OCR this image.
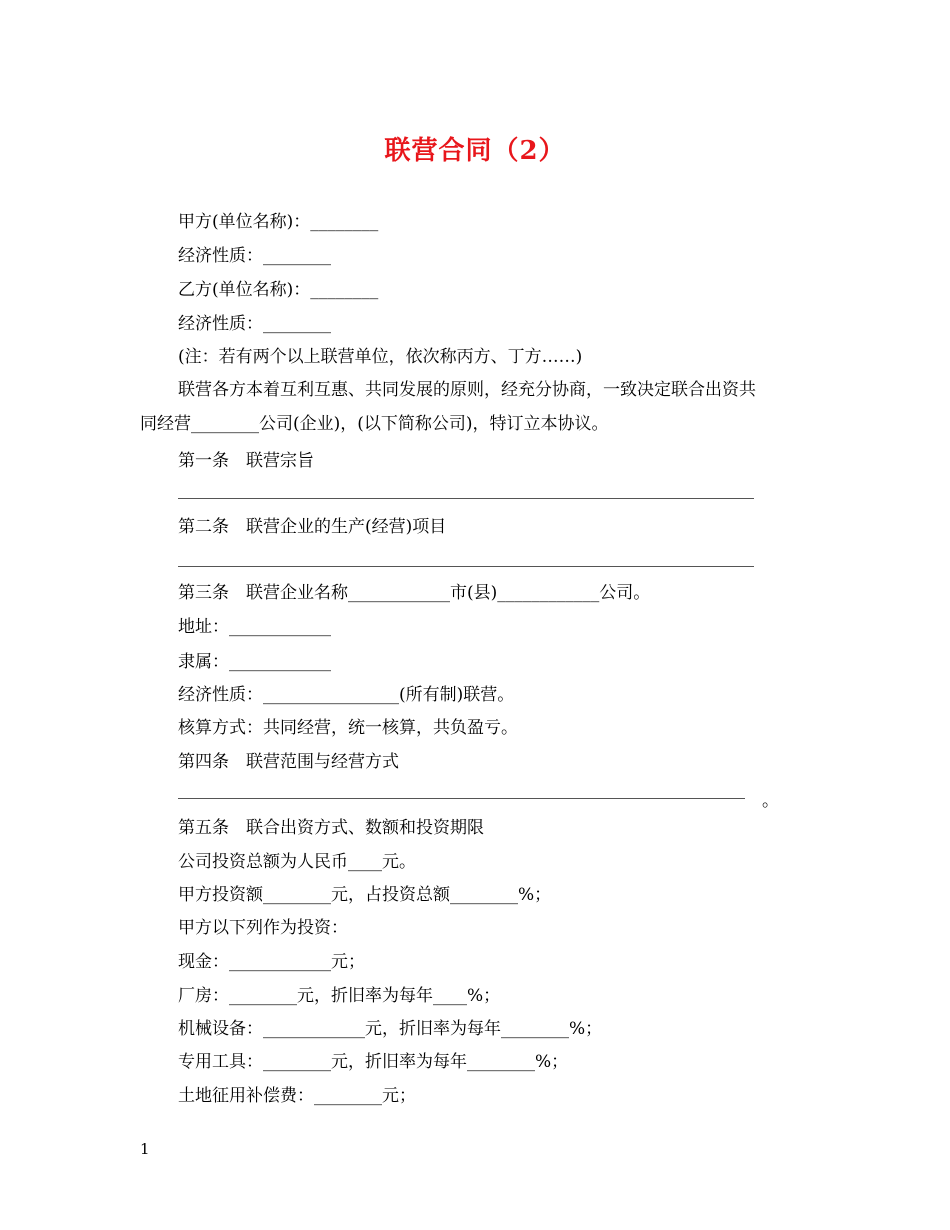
联营合同（2）
甲方(单位名称)：________
经济性质：________
乙方(单位名称)：________
经济性质：________
(注：若有两个以上联营单位，依次称丙方、丁方……)
联营各方本着互利互惠、共同发展的原则，经充分协商，一致决定联合出资共
同经营________公司(企业)，(以下简称公司)，特订立本协议。
第一条　联营宗旨
第二条　联营企业的生产(经营)项目
第三条　联营企业名称____________市(县)____________公司。
地址：____________
隶属：____________
经济性质：________________(所有制)联营。
核算方式：共同经营，统一核算，共负盈亏。
第四条　联营范围与经营方式
。
第五条　联合出资方式、数额和投资期限
公司投资总额为人民币____元。
甲方投资额________元，占投资总额________%；
甲方以下列作为投资：
现金：____________元；
厂房：________元，折旧率为每年____%；
机械设备：____________元，折旧率为每年________%；
专用工具：________元，折旧率为每年________%；
土地征用补偿费：________元；
1
